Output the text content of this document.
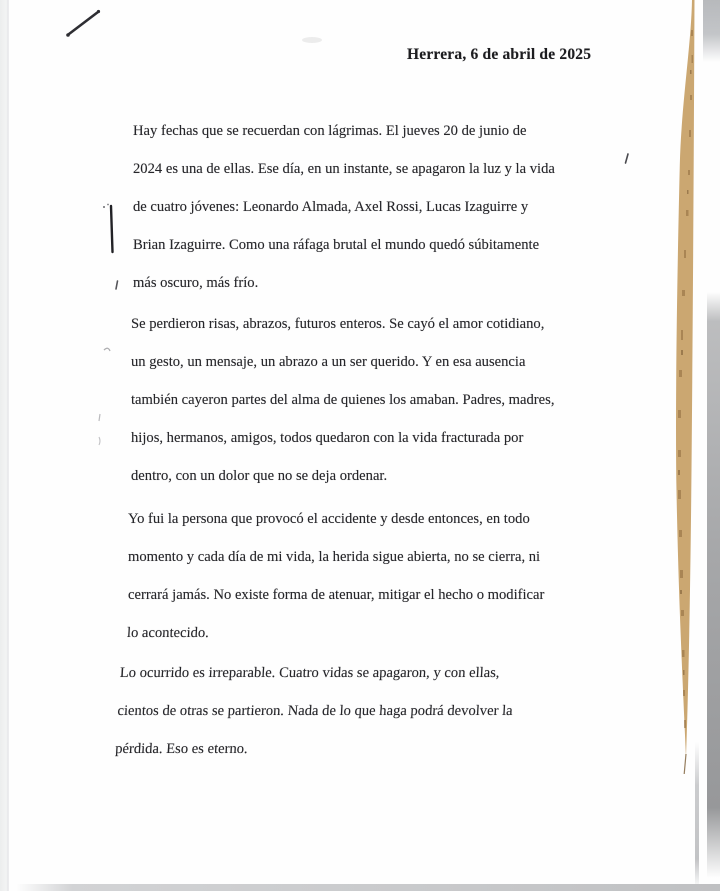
Herrera, 6 de abril de 2025
Hay fechas que se recuerdan con lágrimas. El jueves 20 de junio de
2024 es una de ellas. Ese día, en un instante, se apagaron la luz y la vida
de cuatro jóvenes: Leonardo Almada, Axel Rossi, Lucas Izaguirre y
Brian Izaguirre. Como una ráfaga brutal el mundo quedó súbitamente
más oscuro, más frío.
Se perdieron risas, abrazos, futuros enteros. Se cayó el amor cotidiano,
un gesto, un mensaje, un abrazo a un ser querido. Y en esa ausencia
también cayeron partes del alma de quienes los amaban. Padres, madres,
hijos, hermanos, amigos, todos quedaron con la vida fracturada por
dentro, con un dolor que no se deja ordenar.
Yo fui la persona que provocó el accidente y desde entonces, en todo
momento y cada día de mi vida, la herida sigue abierta, no se cierra, ni
cerrará jamás. No existe forma de atenuar, mitigar el hecho o modificar
lo acontecido.
Lo ocurrido es irreparable. Cuatro vidas se apagaron, y con ellas,
cientos de otras se partieron. Nada de lo que haga podrá devolver la
pérdida. Eso es eterno.
